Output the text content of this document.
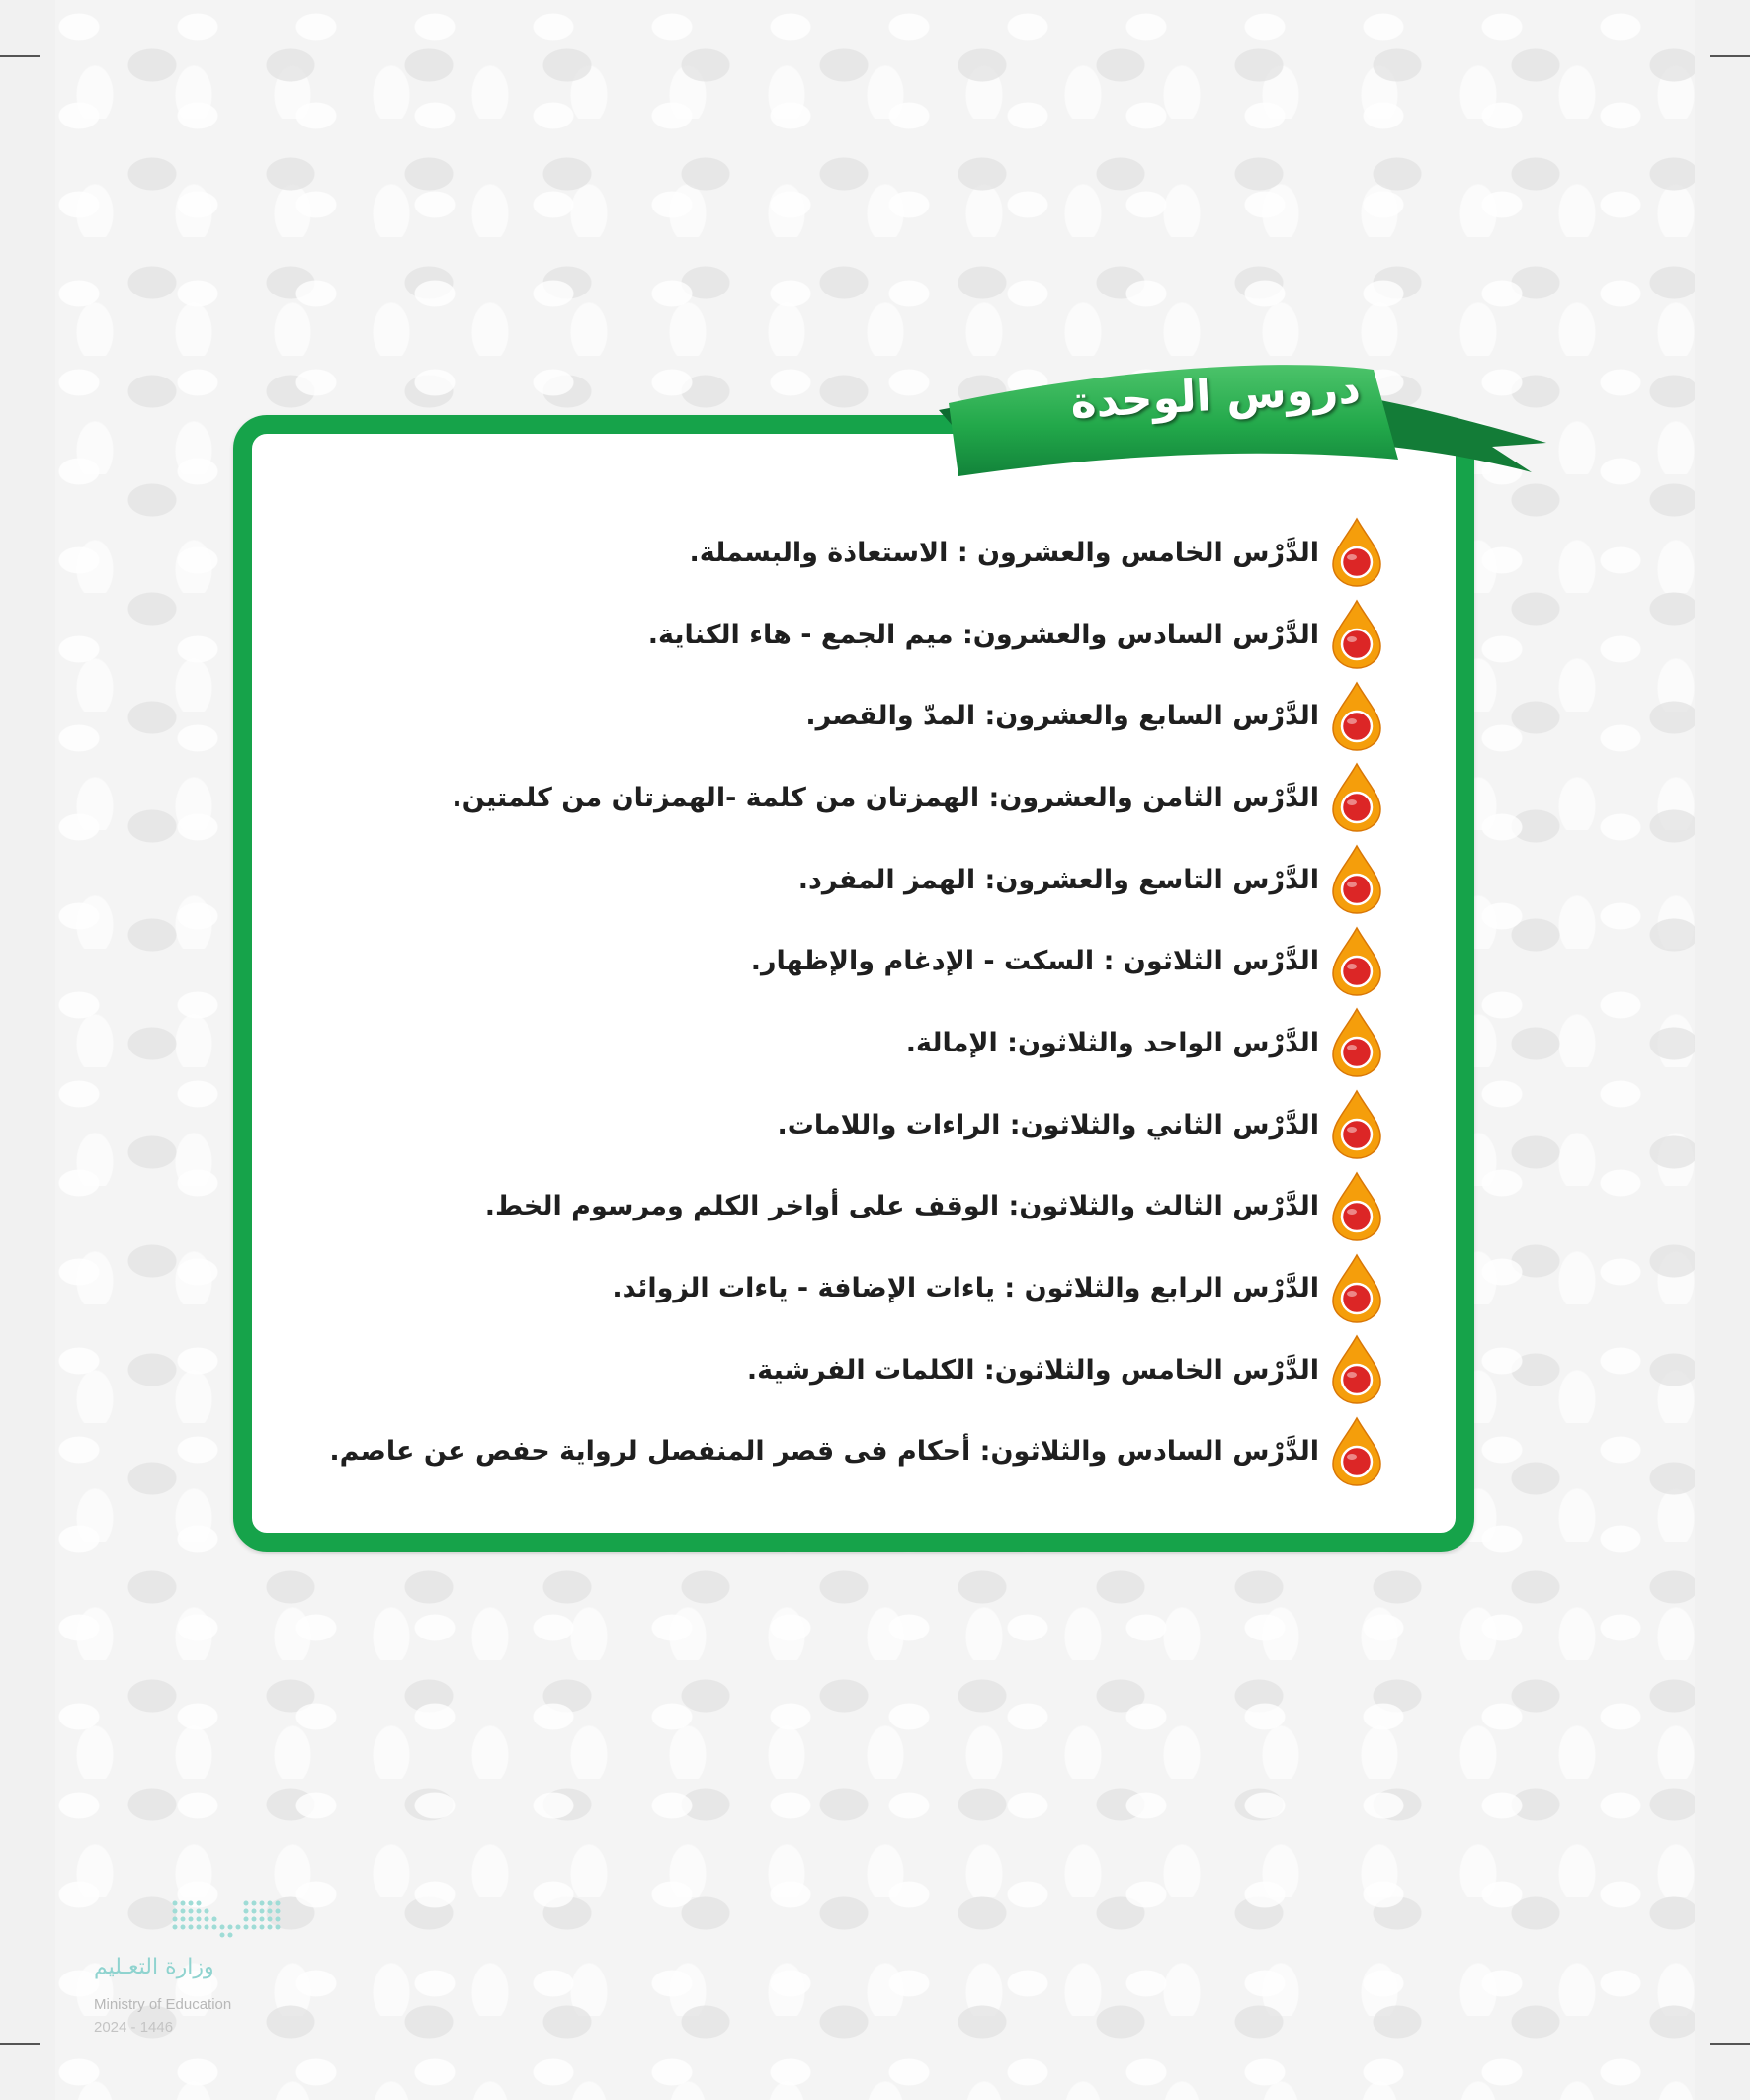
دروس الوحدة
الدَّرْس الخامس والعشرون : الاستعاذة والبسملة.
الدَّرْس السادس والعشرون: ميم الجمع - هاء الكناية.
الدَّرْس السابع والعشرون: المدّ والقصر.
الدَّرْس الثامن والعشرون: الهمزتان من كلمة -الهمزتان من كلمتين.
الدَّرْس التاسع والعشرون: الهمز المفرد.
الدَّرْس الثلاثون : السكت - الإدغام والإظهار.
الدَّرْس الواحد والثلاثون: الإمالة.
الدَّرْس الثاني والثلاثون: الراءات واللامات.
الدَّرْس الثالث والثلاثون: الوقف على أواخر الكلم ومرسوم الخط.
الدَّرْس الرابع والثلاثون : ياءات الإضافة - ياءات الزوائد.
الدَّرْس الخامس والثلاثون: الكلمات الفرشية.
الدَّرْس السادس والثلاثون: أحكام فى قصر المنفصل لرواية حفص عن عاصم.
وزارة التعـليم
Ministry of Education
2024 - 1446
